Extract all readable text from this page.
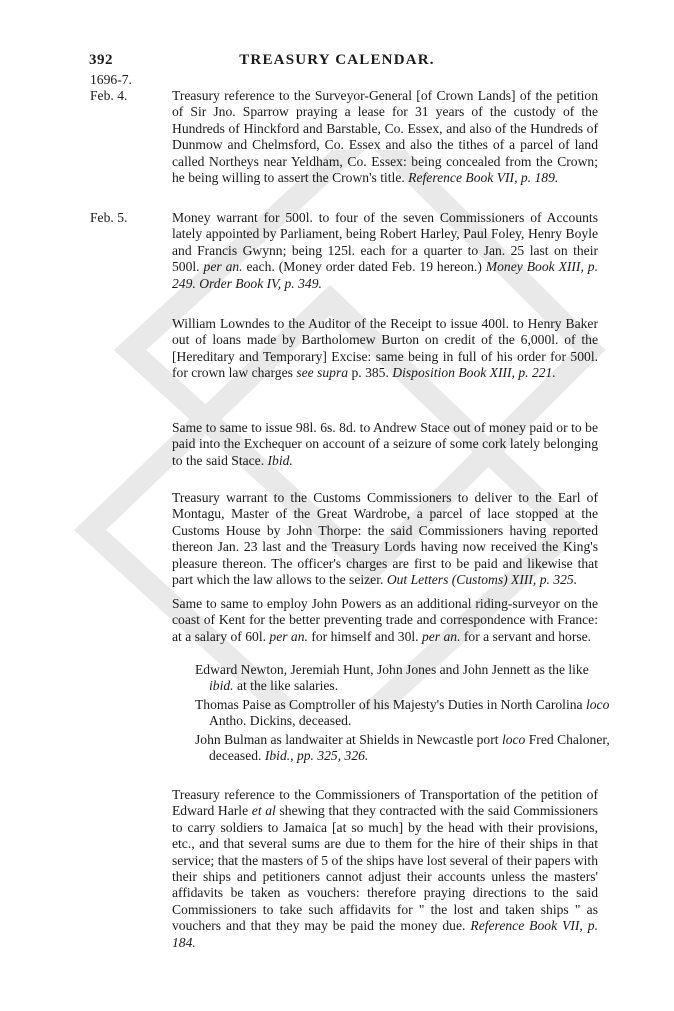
392	TREASURY CALENDAR.
1696-7.
Feb. 4.	Treasury reference to the Surveyor-General [of Crown Lands] of the petition of Sir Jno. Sparrow praying a lease for 31 years of the custody of the Hundreds of Hinckford and Barstable, Co. Essex, and also of the Hundreds of Dunmow and Chelmsford, Co. Essex and also the tithes of a parcel of land called Northeys near Yeldham, Co. Essex: being concealed from the Crown; he being willing to assert the Crown's title. Reference Book VII, p. 189.

Feb. 5.	Money warrant for 500l. to four of the seven Commissioners of Accounts lately appointed by Parliament, being Robert Harley, Paul Foley, Henry Boyle and Francis Gwynn; being 125l. each for a quarter to Jan. 25 last on their 500l. per an. each. (Money order dated Feb. 19 hereon.) Money Book XIII, p. 249. Order Book IV, p. 349.

William Lowndes to the Auditor of the Receipt to issue 400l. to Henry Baker out of loans made by Bartholomew Burton on credit of the 6,000l. of the [Hereditary and Temporary] Excise: same being in full of his order for 500l. for crown law charges see supra p. 385. Disposition Book XIII, p. 221.

Same to same to issue 98l. 6s. 8d. to Andrew Stace out of money paid or to be paid into the Exchequer on account of a seizure of some cork lately belonging to the said Stace. Ibid.

Treasury warrant to the Customs Commissioners to deliver to the Earl of Montagu, Master of the Great Wardrobe, a parcel of lace stopped at the Customs House by John Thorpe: the said Commissioners having reported thereon Jan. 23 last and the Treasury Lords having now received the King's pleasure thereon. The officer's charges are first to be paid and likewise that part which the law allows to the seizer. Out Letters (Customs) XIII, p. 325.

Same to same to employ John Powers as an additional riding-surveyor on the coast of Kent for the better preventing trade and correspondence with France: at a salary of 60l. per an. for himself and 30l. per an. for a servant and horse.

Edward Newton, Jeremiah Hunt, John Jones and John Jennett as the like ibid. at the like salaries.
Thomas Paise as Comptroller of his Majesty's Duties in North Carolina loco Antho. Dickins, deceased.
John Bulman as landwaiter at Shields in Newcastle port loco Fred Chaloner, deceased. Ibid., pp. 325, 326.

Treasury reference to the Commissioners of Transportation of the petition of Edward Harle et al shewing that they contracted with the said Commissioners to carry soldiers to Jamaica [at so much] by the head with their provisions, etc., and that several sums are due to them for the hire of their ships in that service; that the masters of 5 of the ships have lost several of their papers with their ships and petitioners cannot adjust their accounts unless the masters' affidavits be taken as vouchers: therefore praying directions to the said Commissioners to take such affidavits for " the lost and taken ships " as vouchers and that they may be paid the money due. Reference Book VII, p. 184.
